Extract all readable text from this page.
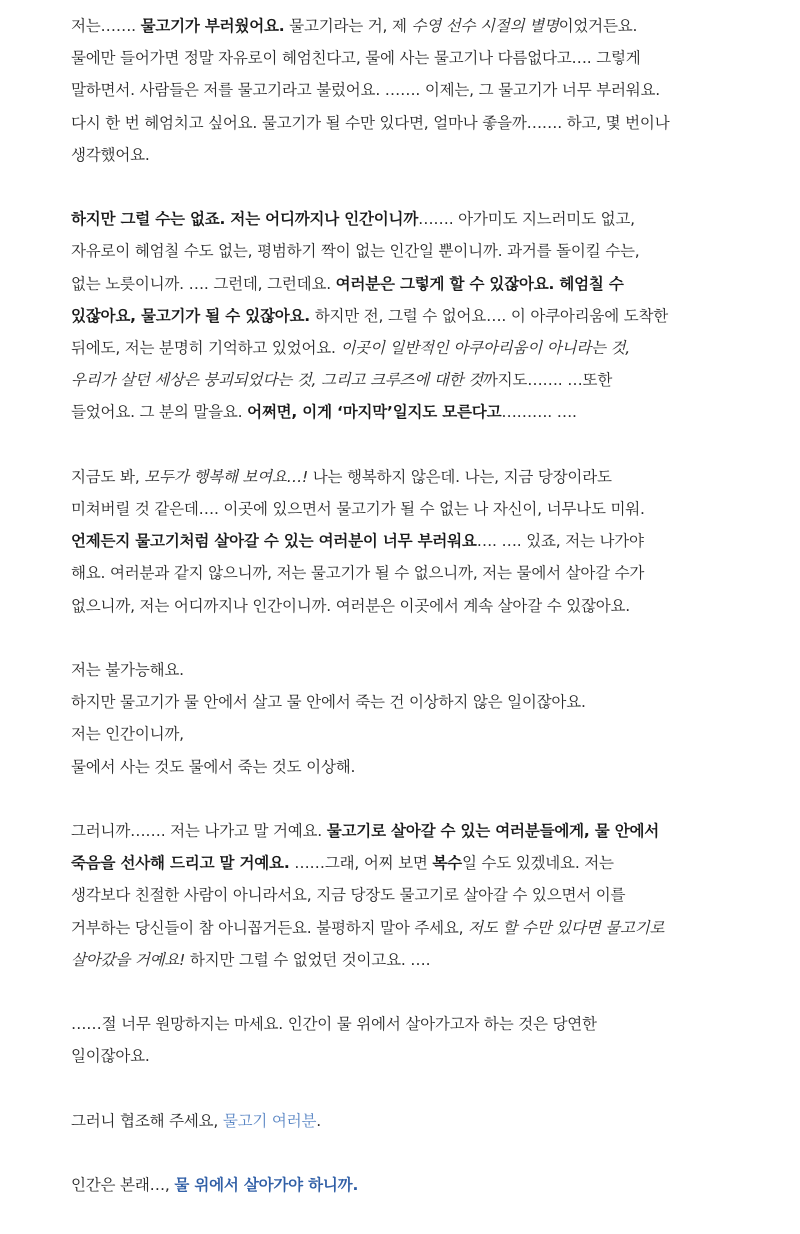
저는……. 물고기가 부러웠어요. 물고기라는 거, 제 수영 선수 시절의 별명이었거든요.
물에만 들어가면 정말 자유로이 헤엄친다고, 물에 사는 물고기나 다름없다고…. 그렇게
말하면서. 사람들은 저를 물고기라고 불렀어요. ……. 이제는, 그 물고기가 너무 부러워요.
다시 한 번 헤엄치고 싶어요. 물고기가 될 수만 있다면, 얼마나 좋을까……. 하고, 몇 번이나
생각했어요.
하지만 그럴 수는 없죠. 저는 어디까지나 인간이니까……. 아가미도 지느러미도 없고,
자유로이 헤엄칠 수도 없는, 평범하기 짝이 없는 인간일 뿐이니까. 과거를 돌이킬 수는,
없는 노릇이니까. …. 그런데, 그런데요. 여러분은 그렇게 할 수 있잖아요. 헤엄칠 수
있잖아요, 물고기가 될 수 있잖아요. 하지만 전, 그럴 수 없어요…. 이 아쿠아리움에 도착한
뒤에도, 저는 분명히 기억하고 있었어요. 이곳이 일반적인 아쿠아리움이 아니라는 것,
우리가 살던 세상은 붕괴되었다는 것, 그리고 크루즈에 대한 것까지도……. …또한
들었어요. 그 분의 말을요. 어쩌면, 이게 ‘마지막’일지도 모른다고………. ….
지금도 봐, 모두가 행복해 보여요…! 나는 행복하지 않은데. 나는, 지금 당장이라도
미쳐버릴 것 같은데…. 이곳에 있으면서 물고기가 될 수 없는 나 자신이, 너무나도 미워.
언제든지 물고기처럼 살아갈 수 있는 여러분이 너무 부러워요…. …. 있죠, 저는 나가야
해요. 여러분과 같지 않으니까, 저는 물고기가 될 수 없으니까, 저는 물에서 살아갈 수가
없으니까, 저는 어디까지나 인간이니까. 여러분은 이곳에서 계속 살아갈 수 있잖아요.
저는 불가능해요.
하지만 물고기가 물 안에서 살고 물 안에서 죽는 건 이상하지 않은 일이잖아요.
저는 인간이니까,
물에서 사는 것도 물에서 죽는 것도 이상해.
그러니까……. 저는 나가고 말 거예요. 물고기로 살아갈 수 있는 여러분들에게, 물 안에서
죽음을 선사해 드리고 말 거예요. ……그래, 어찌 보면 복수일 수도 있겠네요. 저는
생각보다 친절한 사람이 아니라서요, 지금 당장도 물고기로 살아갈 수 있으면서 이를
거부하는 당신들이 참 아니꼽거든요. 불평하지 말아 주세요, 저도 할 수만 있다면 물고기로
살아갔을 거예요! 하지만 그럴 수 없었던 것이고요. ….
……절 너무 원망하지는 마세요. 인간이 물 위에서 살아가고자 하는 것은 당연한
일이잖아요.
그러니 협조해 주세요, 물고기 여러분.
인간은 본래…, 물 위에서 살아가야 하니까.
